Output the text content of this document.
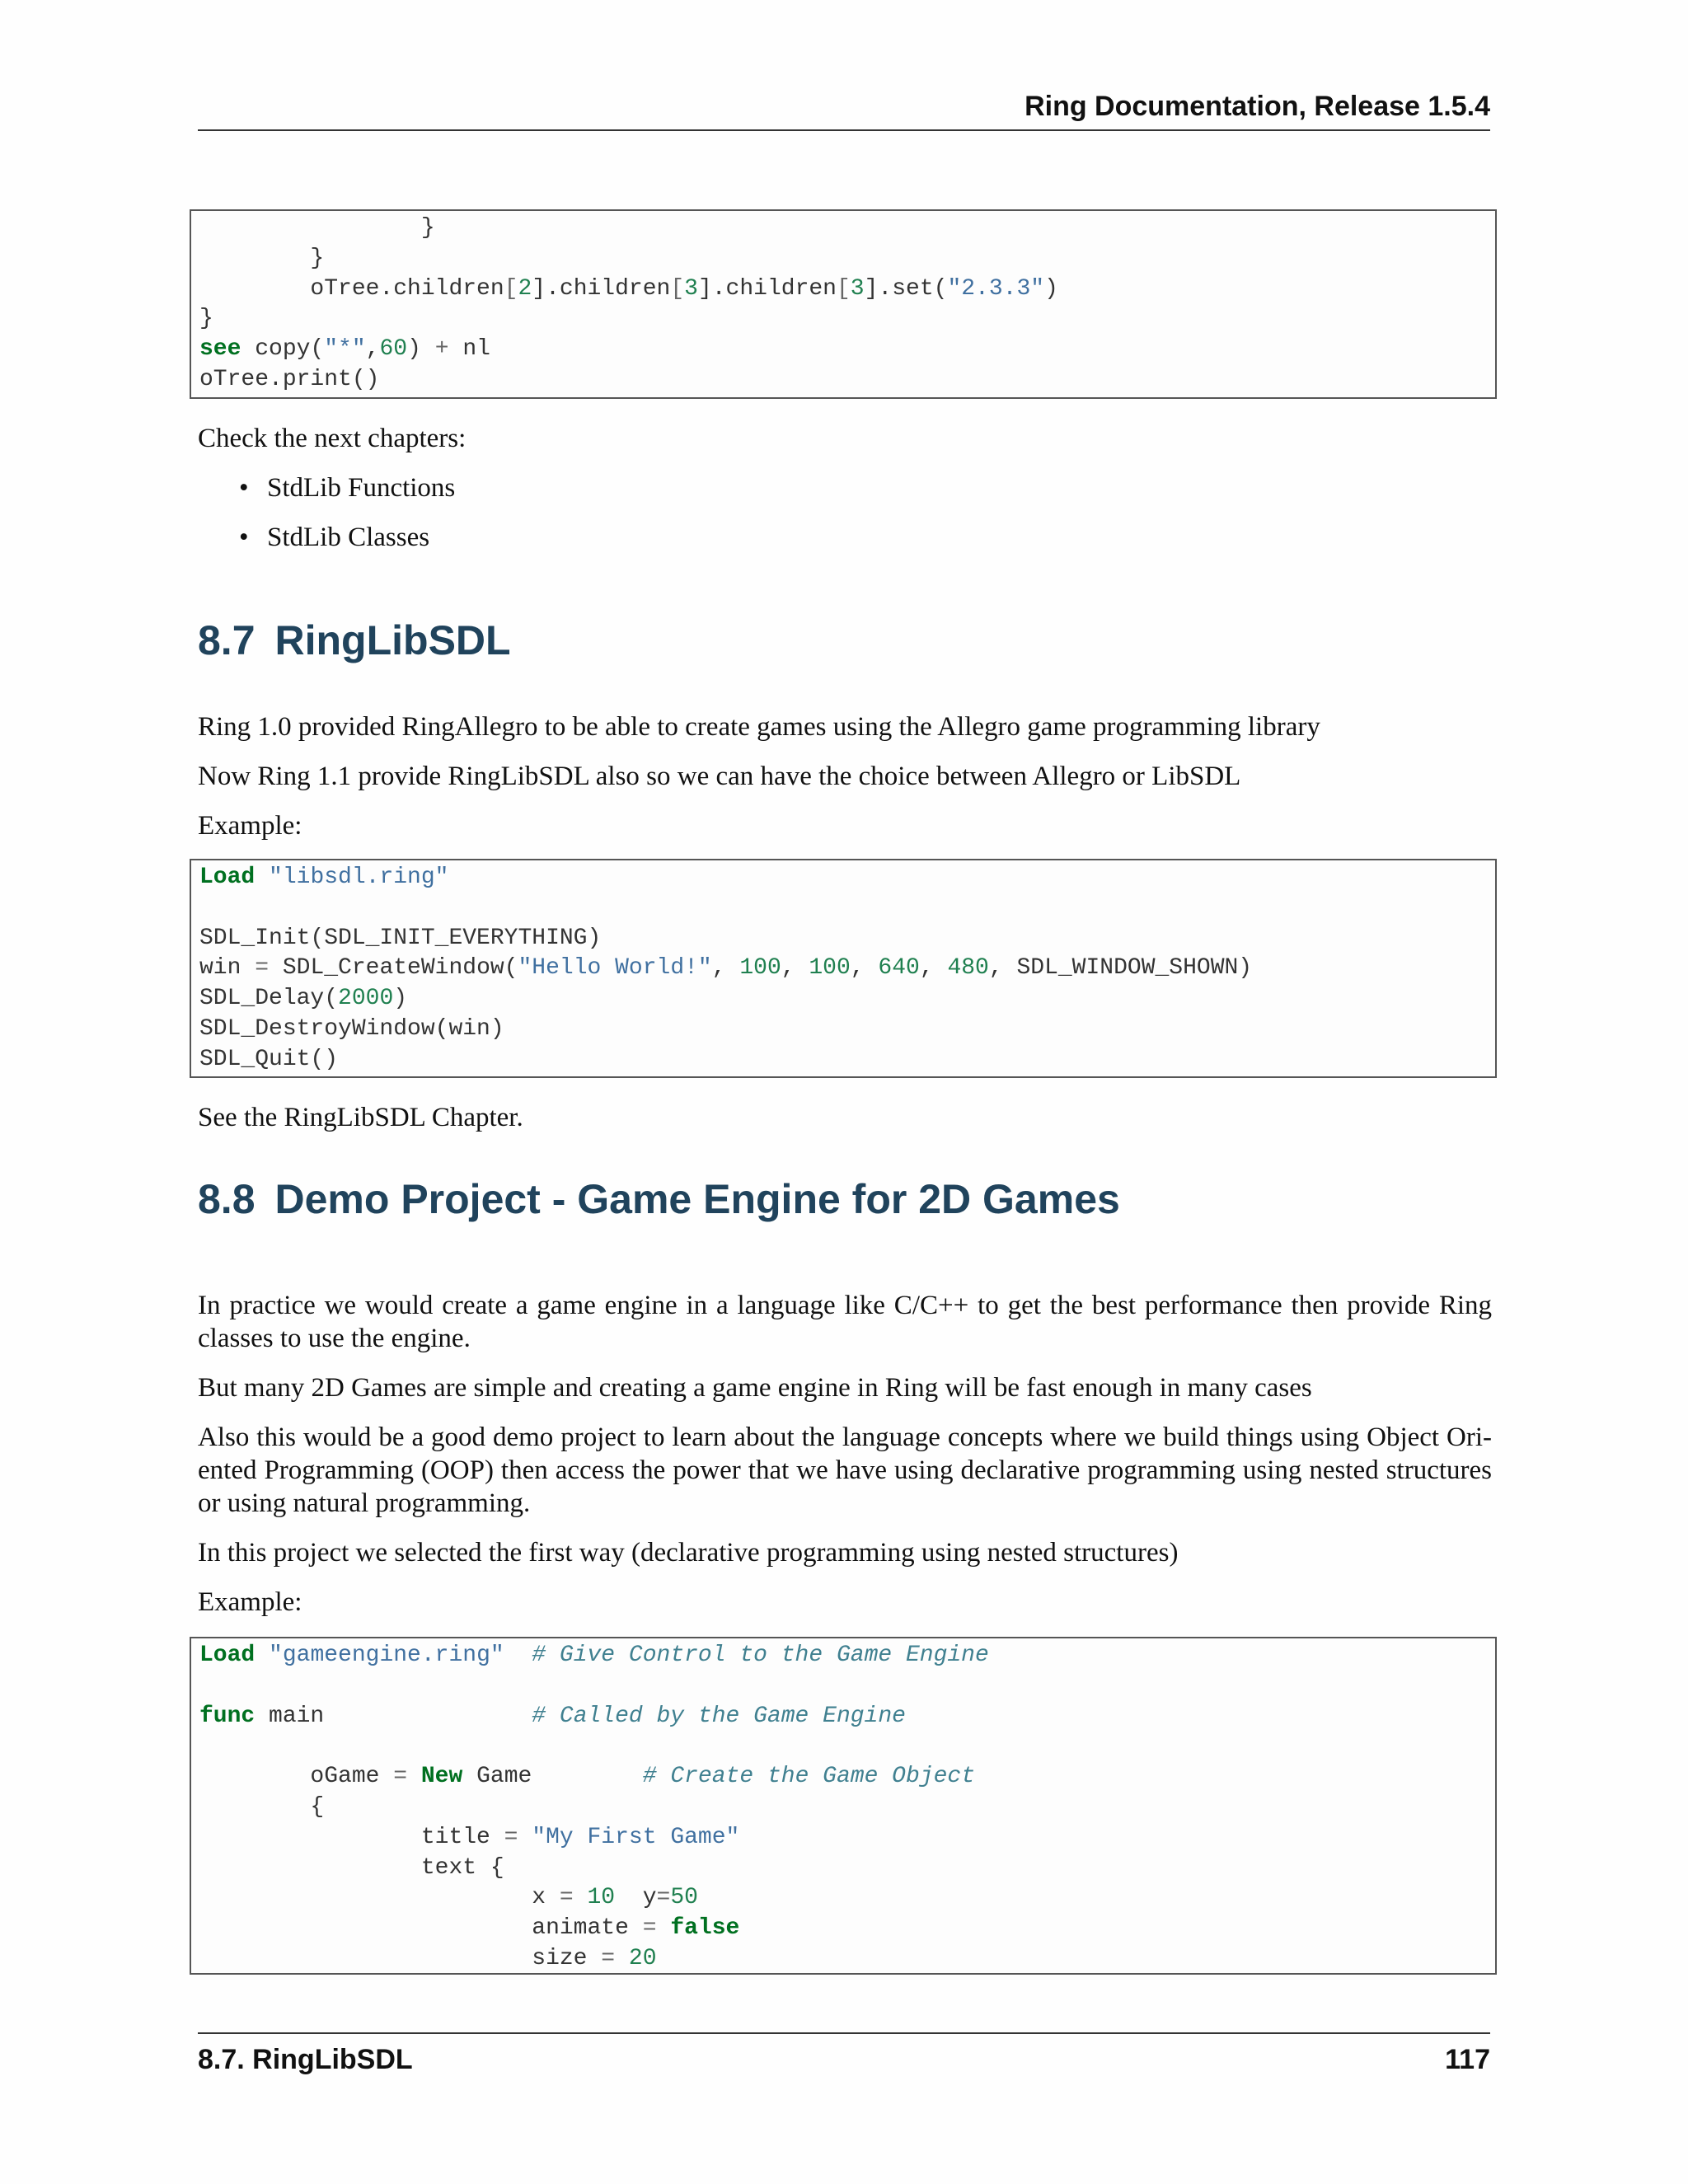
Ring Documentation, Release 1.5.4
}
}
oTree.children[2].children[3].children[3].set("2.3.3")
}
see copy("*",60) + nl
oTree.print()

Check the next chapters:

• StdLib Functions
• StdLib Classes
8.7 RingLibSDL

Ring 1.0 provided RingAllegro to be able to create games using the Allegro game programming library

Now Ring 1.1 provide RingLibSDL also so we can have the choice between Allegro or LibSDL

Example:

Load "libsdl.ring"

SDL_Init(SDL_INIT_EVERYTHING)
win = SDL_CreateWindow("Hello World!", 100, 100, 640, 480, SDL_WINDOW_SHOWN)
SDL_Delay(2000)
SDL_DestroyWindow(win)
SDL_Quit()

See the RingLibSDL Chapter.

8.8 Demo Project - Game Engine for 2D Games

In practice we would create a game engine in a language like C/C++ to get the best performance then provide Ring classes to use the engine.

But many 2D Games are simple and creating a game engine in Ring will be fast enough in many cases

Also this would be a good demo project to learn about the language concepts where we build things using Object Ori-ented Programming (OOP) then access the power that we have using declarative programming using nested structures or using natural programming.

In this project we selected the first way (declarative programming using nested structures)

Example:

Load "gameengine.ring" # Give Control to the Game Engine

func main               # Called by the Game Engine

oGame = New Game        # Create the Game Object
{
title = "My First Game"
text {
x = 10  y=50
animate = false
size = 20
8.7. RingLibSDL	117
